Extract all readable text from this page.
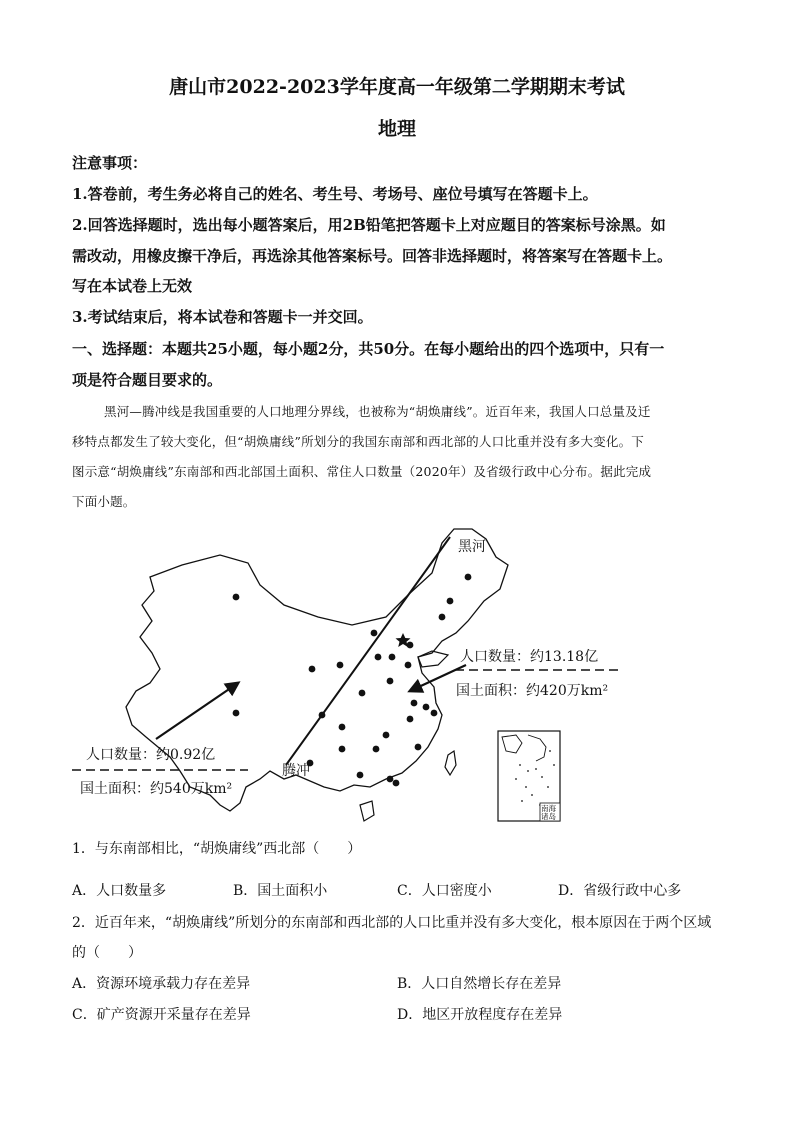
唐山市2022-2023学年度高一年级第二学期期末考试
地理
注意事项：
1.答卷前，考生务必将自己的姓名、考生号、考场号、座位号填写在答题卡上。
2.回答选择题时，选出每小题答案后，用2B铅笔把答题卡上对应题目的答案标号涂黑。如
需改动，用橡皮擦干净后，再选涂其他答案标号。回答非选择题时，将答案写在答题卡上。
写在本试卷上无效
3.考试结束后，将本试卷和答题卡一并交回。
一、选择题：本题共25小题，每小题2分，共50分。在每小题给出的四个选项中，只有一
项是符合题目要求的。
黑河—腾冲线是我国重要的人口地理分界线，也被称为“胡焕庸线”。近百年来，我国人口总量及迁
移特点都发生了较大变化，但“胡焕庸线”所划分的我国东南部和西北部的人口比重并没有多大变化。下
图示意“胡焕庸线”东南部和西北部国土面积、常住人口数量（2020年）及省级行政中心分布。据此完成
下面小题。
黑河
腾冲
人口数量：约13.18亿
国土面积：约420万km²
人口数量：约0.92亿
国土面积：约540万km²
南海
诸岛
1．与东南部相比，“胡焕庸线”西北部（　　）
A．人口数量多	B．国土面积小	C．人口密度小	D．省级行政中心多
2．近百年来，“胡焕庸线”所划分的东南部和西北部的人口比重并没有多大变化，根本原因在于两个区域
的（　　）
A．资源环境承载力存在差异	B．人口自然增长存在差异
C．矿产资源开采量存在差异	D．地区开放程度存在差异
